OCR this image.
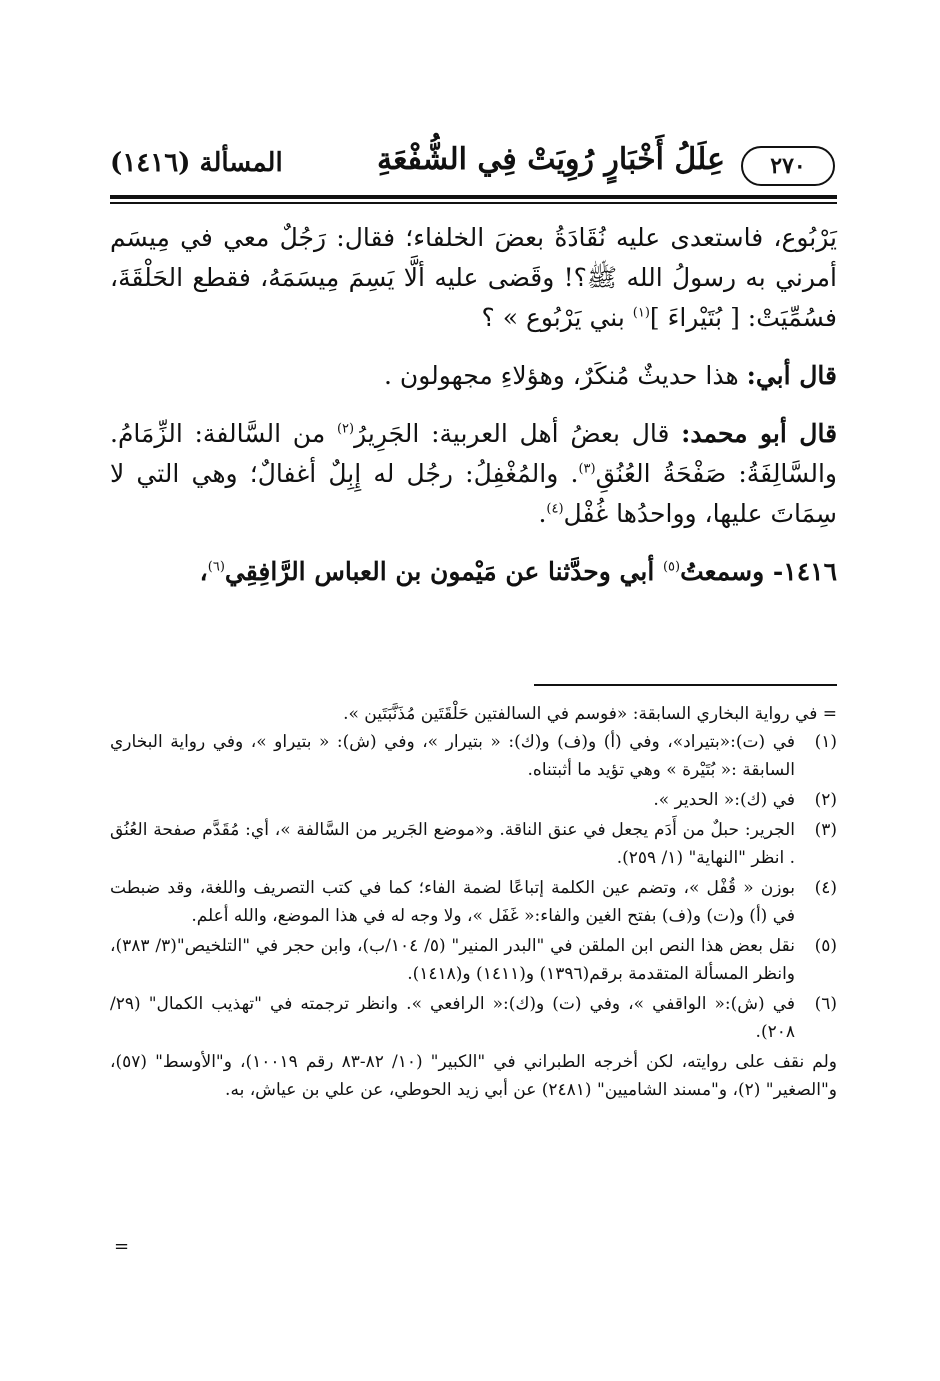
٢٧٠
عِلَلُ أَخْبَارٍ رُوِيَتْ فِي الشُّفْعَةِ
المسألة (١٤١٦)

يَرْبُوع، فاستعدى عليه نُقَادَةُ بعضَ الخلفاء؛ فقال: رَجُلٌ معي في مِيسَم أمرني به رسولُ الله ﷺ؟! وقَضى عليه ألَّا يَسِمَ مِيسَمَهُ، فقطع الحَلْقَةَ، فسُمِّيَتْ: [ بُتَيْراءَ ]$^{(١)}$ بني يَرْبُوع » ؟

قال أبي: هذا حديثٌ مُنكَرٌ، وهؤلاءِ مجهولون .

قال أبو محمد: قال بعضُ أهل العربية: الجَرِيرُ$^{(٢)}$ من السَّالفة: الزِّمَامُ. والسَّالِفَةُ: صَفْحَةُ العُنُقِ$^{(٣)}$. والمُغْفِلُ: رجُل له إِبِلٌ أغفالٌ؛ وهي التي لا سِمَاتَ عليها، وواحدُها غُفْل$^{(٤)}$.

١٤١٦- وسمعتُ$^{(٥)}$ أبي وحدَّثنا عن مَيْمون بن العباس الرَّافِقِي$^{(٦)}$،

= في رواية البخاري السابقة: «فوسم في السالفتين حَلْقَتَين مُذَنَّبَتَين ».

(١)
في (ت):«بتيراد»، وفي (أ) و(ف) و(ك): « بتيرار »، وفي (ش): « بتيراو »، وفي رواية البخاري السابقة :« بُتَيْرة » وهي تؤيد ما أثبتناه.
(٢)
في (ك):« الحدير ».
(٣)
الجرير: حبلٌ من أَدَم يجعل في عنق الناقة. و«موضع الجَرير من السَّالفة »، أي: مُقَدَّم صفحة العُنُق . انظر "النهاية" (١/ ٢٥٩).
(٤)
بوزن « قُفْل »، وتضم عين الكلمة إتباعًا لضمة الفاء؛ كما في كتب التصريف واللغة، وقد ضبطت في (أ) و(ت) و(ف) بفتح الغين والفاء:« غَفَل »، ولا وجه له في هذا الموضع، والله أعلم.
(٥)
نقل بعض هذا النص ابن الملقن في "البدر المنير" (٥/ ١٠٤/ب)، وابن حجر في "التلخيص"(٣/ ٣٨٣)، وانظر المسألة المتقدمة برقم(١٣٩٦) و(١٤١١) و(١٤١٨).
(٦)
في (ش):« الواقفي »، وفي (ت) و(ك):« الرافعي ». وانظر ترجمته في "تهذيب الكمال" (٢٩/ ٢٠٨).

ولم نقف على روايته، لكن أخرجه الطبراني في "الكبير" (١٠/ ٨٢-٨٣ رقم ١٠٠١٩)، و"الأوسط" (٥٧)، و"الصغير" (٢)، و"مسند الشاميين" (٢٤٨١) عن أبي زيد الحوطي، عن علي بن عياش، به.

=
